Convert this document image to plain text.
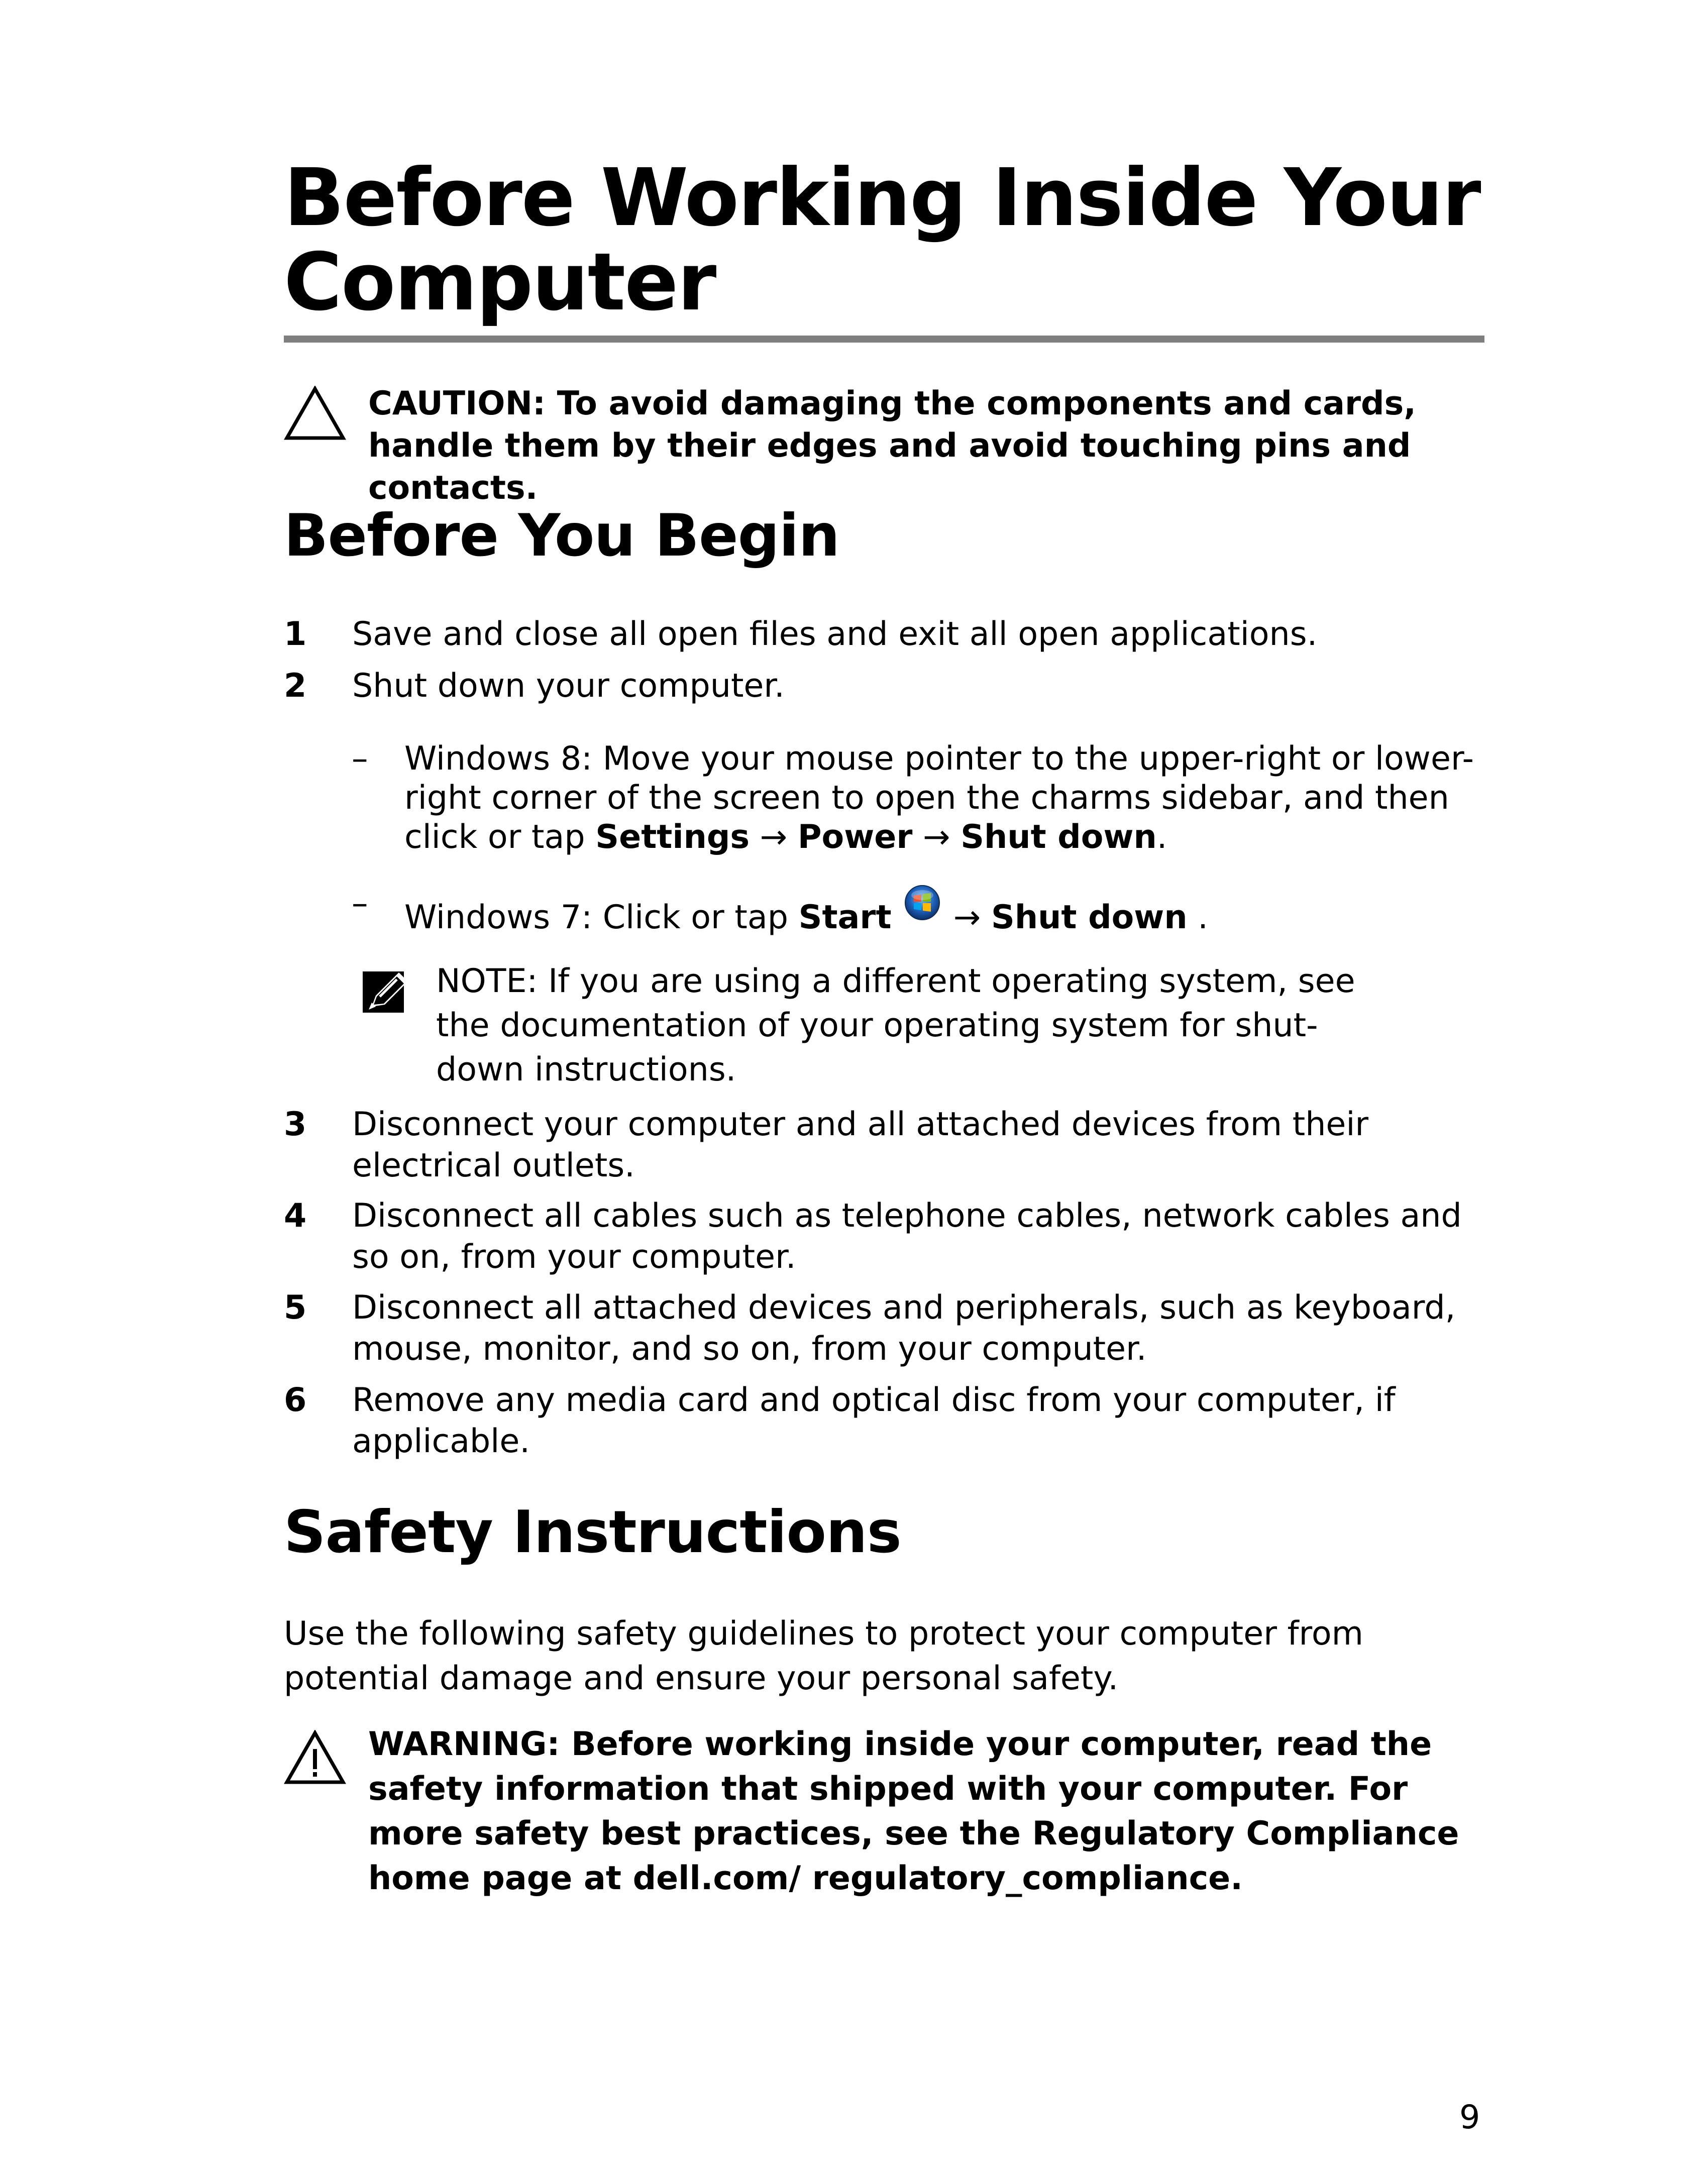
Before Working Inside Your Computer
CAUTION: To avoid damaging the components and cards, handle them by their edges and avoid touching pins and contacts.
Before You Begin
1 Save and close all open files and exit all open applications.
2 Shut down your computer.
3 Disconnect your computer and all attached devices from their electrical outlets.
4 Disconnect all cables such as telephone cables, network cables and so on, from your computer.
5 Disconnect all attached devices and peripherals, such as keyboard, mouse, monitor, and so on, from your computer.
6 Remove any media card and optical disc from your computer, if applicable.
– Windows 8: Move your mouse pointer to the upper-right or lower-right corner of the screen to open the charms sidebar, and then click or tap Settings → Power → Shut down.
– Windows 7: Click or tap Start  → Shut down .
NOTE: If you are using a different operating system, see the documentation of your operating system for shut-down instructions.
Safety Instructions
Use the following safety guidelines to protect your computer from potential damage and ensure your personal safety.
WARNING: Before working inside your computer, read the safety information that shipped with your computer. For more safety best practices, see the Regulatory Compliance home page at dell.com/ regulatory_compliance.
9
